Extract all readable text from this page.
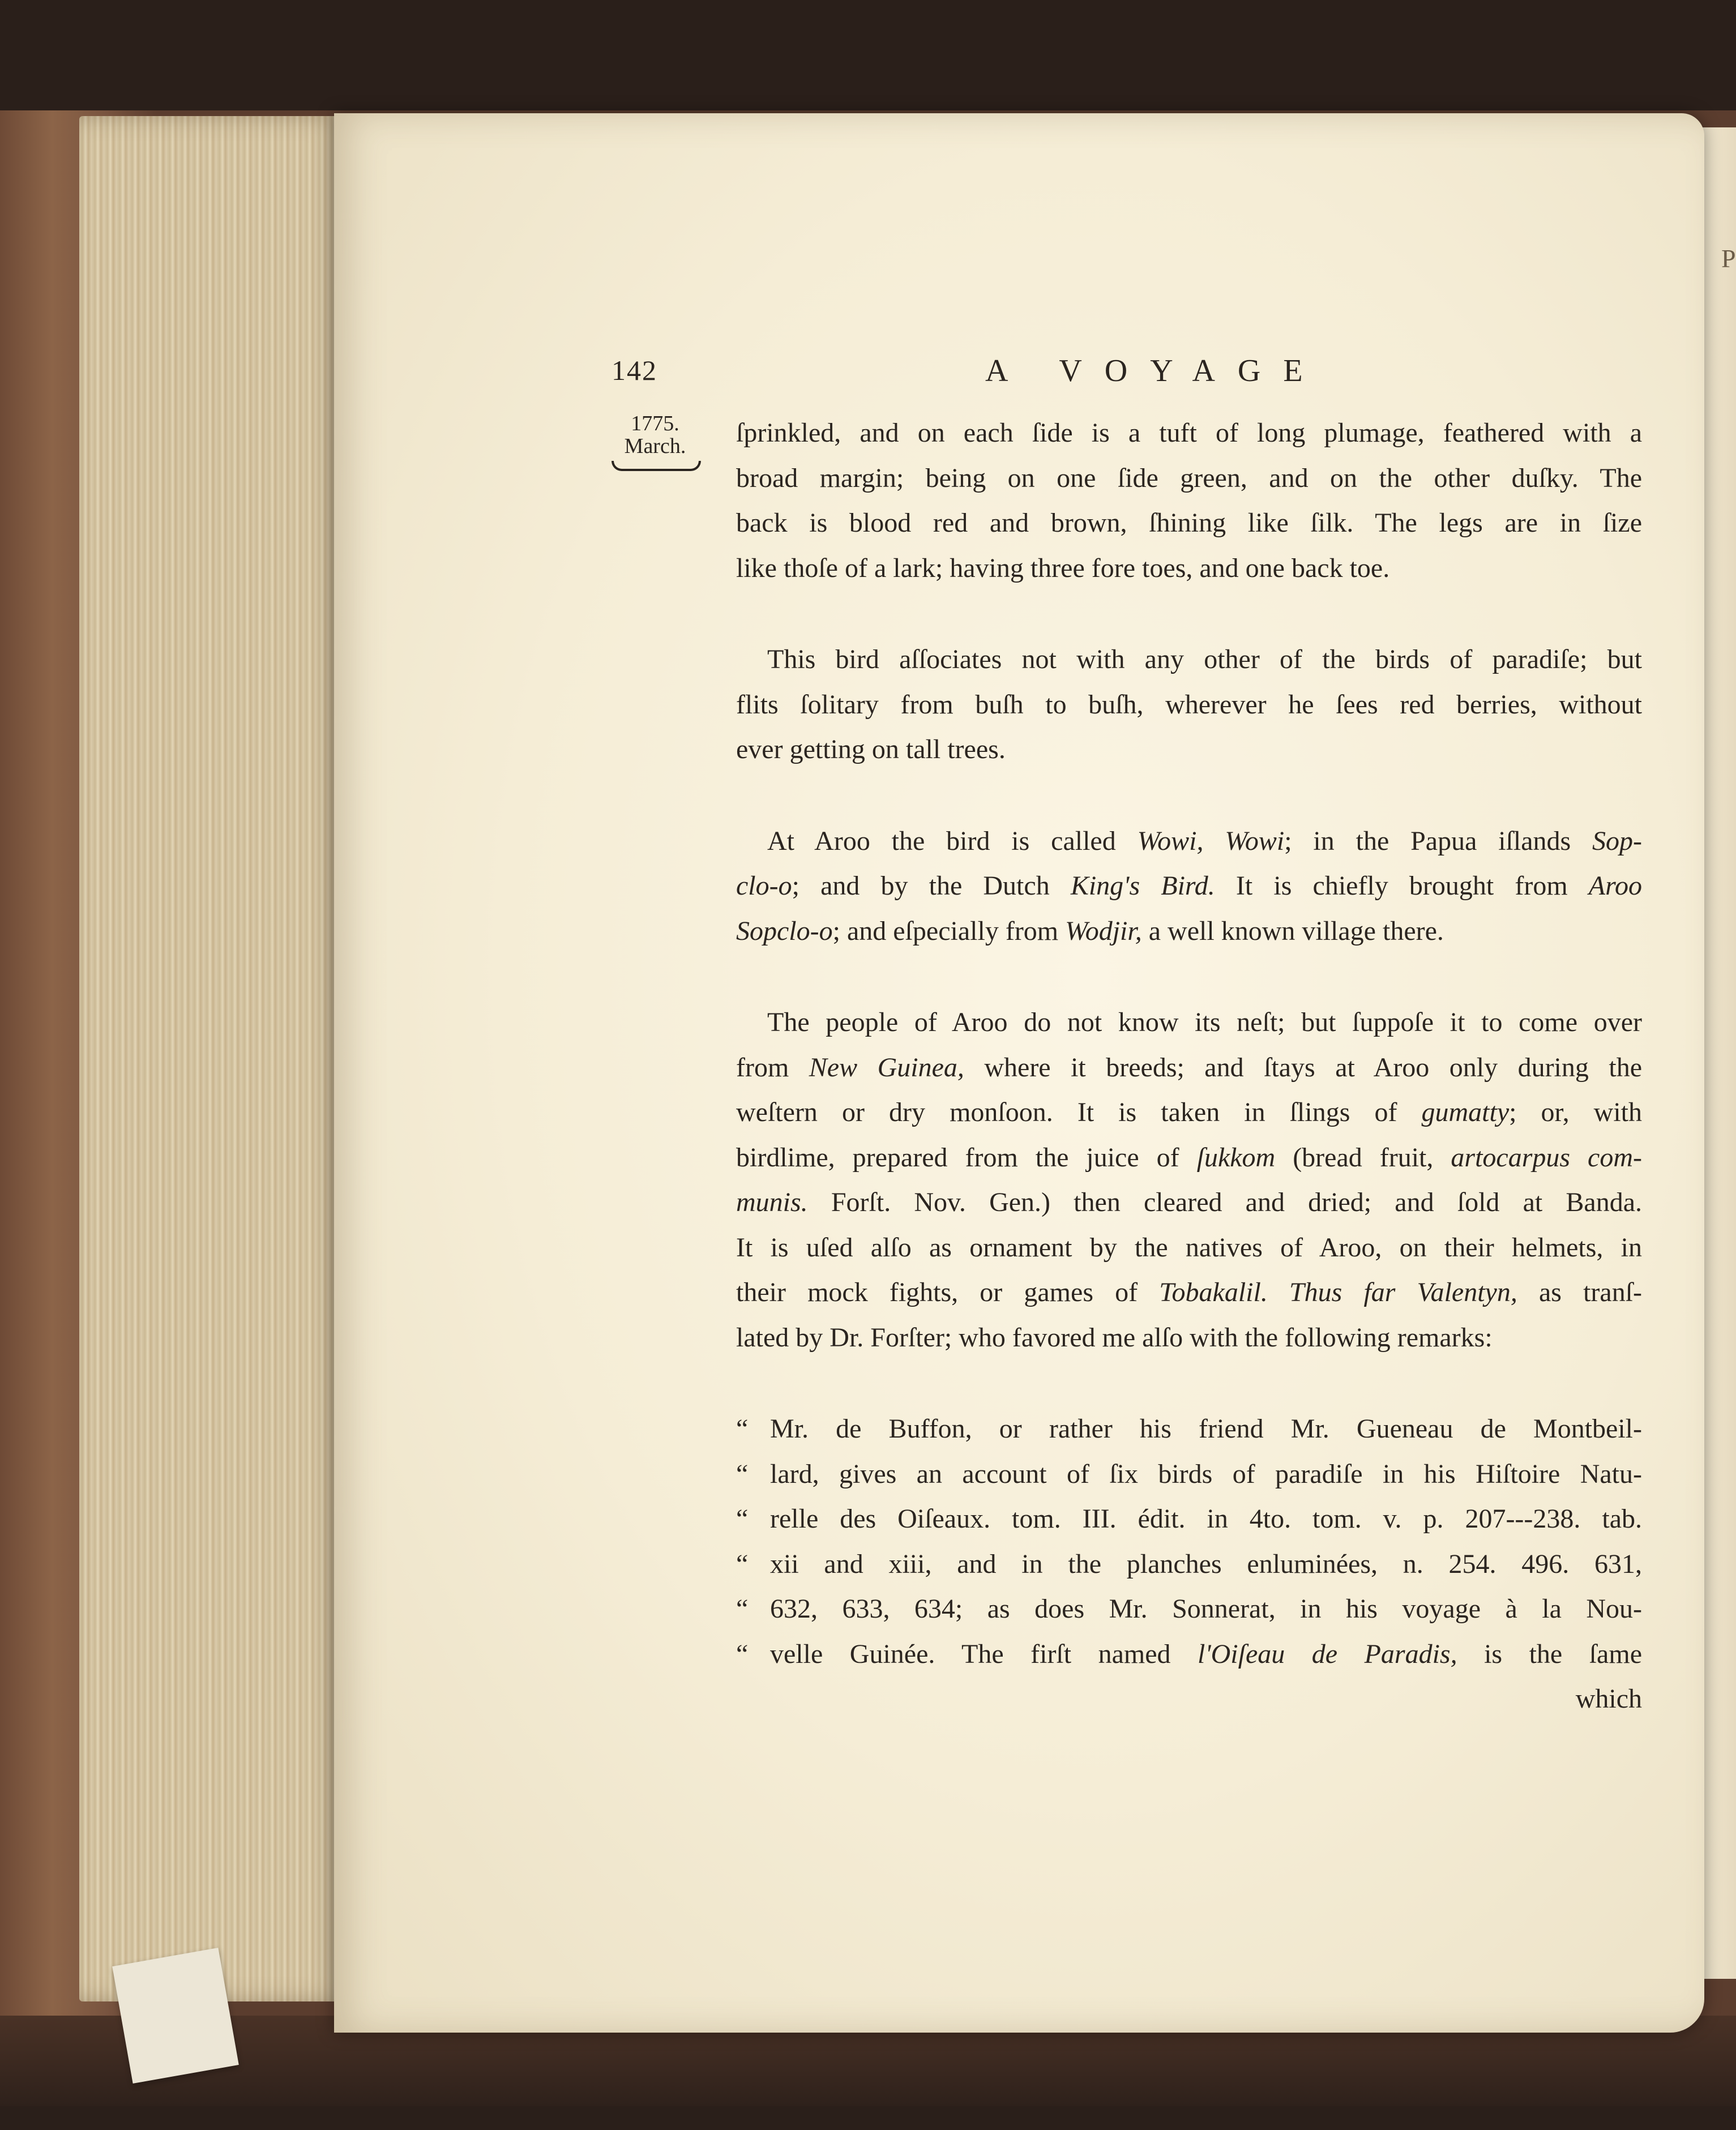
P
142	A VOYAGE
1775.
March.	ſprinkled, and on each ſide is a tuft of long plumage, feathered with a
broad margin; being on one ſide green, and on the other duſky. The
back is blood red and brown, ſhining like ſilk. The legs are in ſize
like thoſe of a lark; having three fore toes, and one back toe.
This bird aſſociates not with any other of the birds of paradiſe; but
flits ſolitary from buſh to buſh, wherever he ſees red berries, without
ever getting on tall trees.
At Aroo the bird is called Wowi, Wowi; in the Papua iſlands Sop-
clo-o; and by the Dutch King's Bird. It is chiefly brought from Aroo
Sopclo-o; and eſpecially from Wodjir, a well known village there.
The people of Aroo do not know its neſt; but ſuppoſe it to come over
from New Guinea, where it breeds; and ſtays at Aroo only during the
weſtern or dry monſoon. It is taken in ſlings of gumatty; or, with
birdlime, prepared from the juice of ſukkom (bread fruit, artocarpus com-
munis. Forſt. Nov. Gen.) then cleared and dried; and ſold at Banda.
It is uſed alſo as ornament by the natives of Aroo, on their helmets, in
their mock fights, or games of Tobakalil. Thus far Valentyn, as tranſ-
lated by Dr. Forſter; who favored me alſo with the following remarks:
“ Mr. de Buffon, or rather his friend Mr. Gueneau de Montbeil-
“ lard, gives an account of ſix birds of paradiſe in his Hiſtoire Natu-
“ relle des Oiſeaux. tom. III. édit. in 4to. tom. v. p. 207---238. tab.
“ xii and xiii, and in the planches enluminées, n. 254. 496. 631,
“ 632, 633, 634; as does Mr. Sonnerat, in his voyage à la Nou-
“ velle Guinée. The firſt named l'Oiſeau de Paradis, is the ſame
which
